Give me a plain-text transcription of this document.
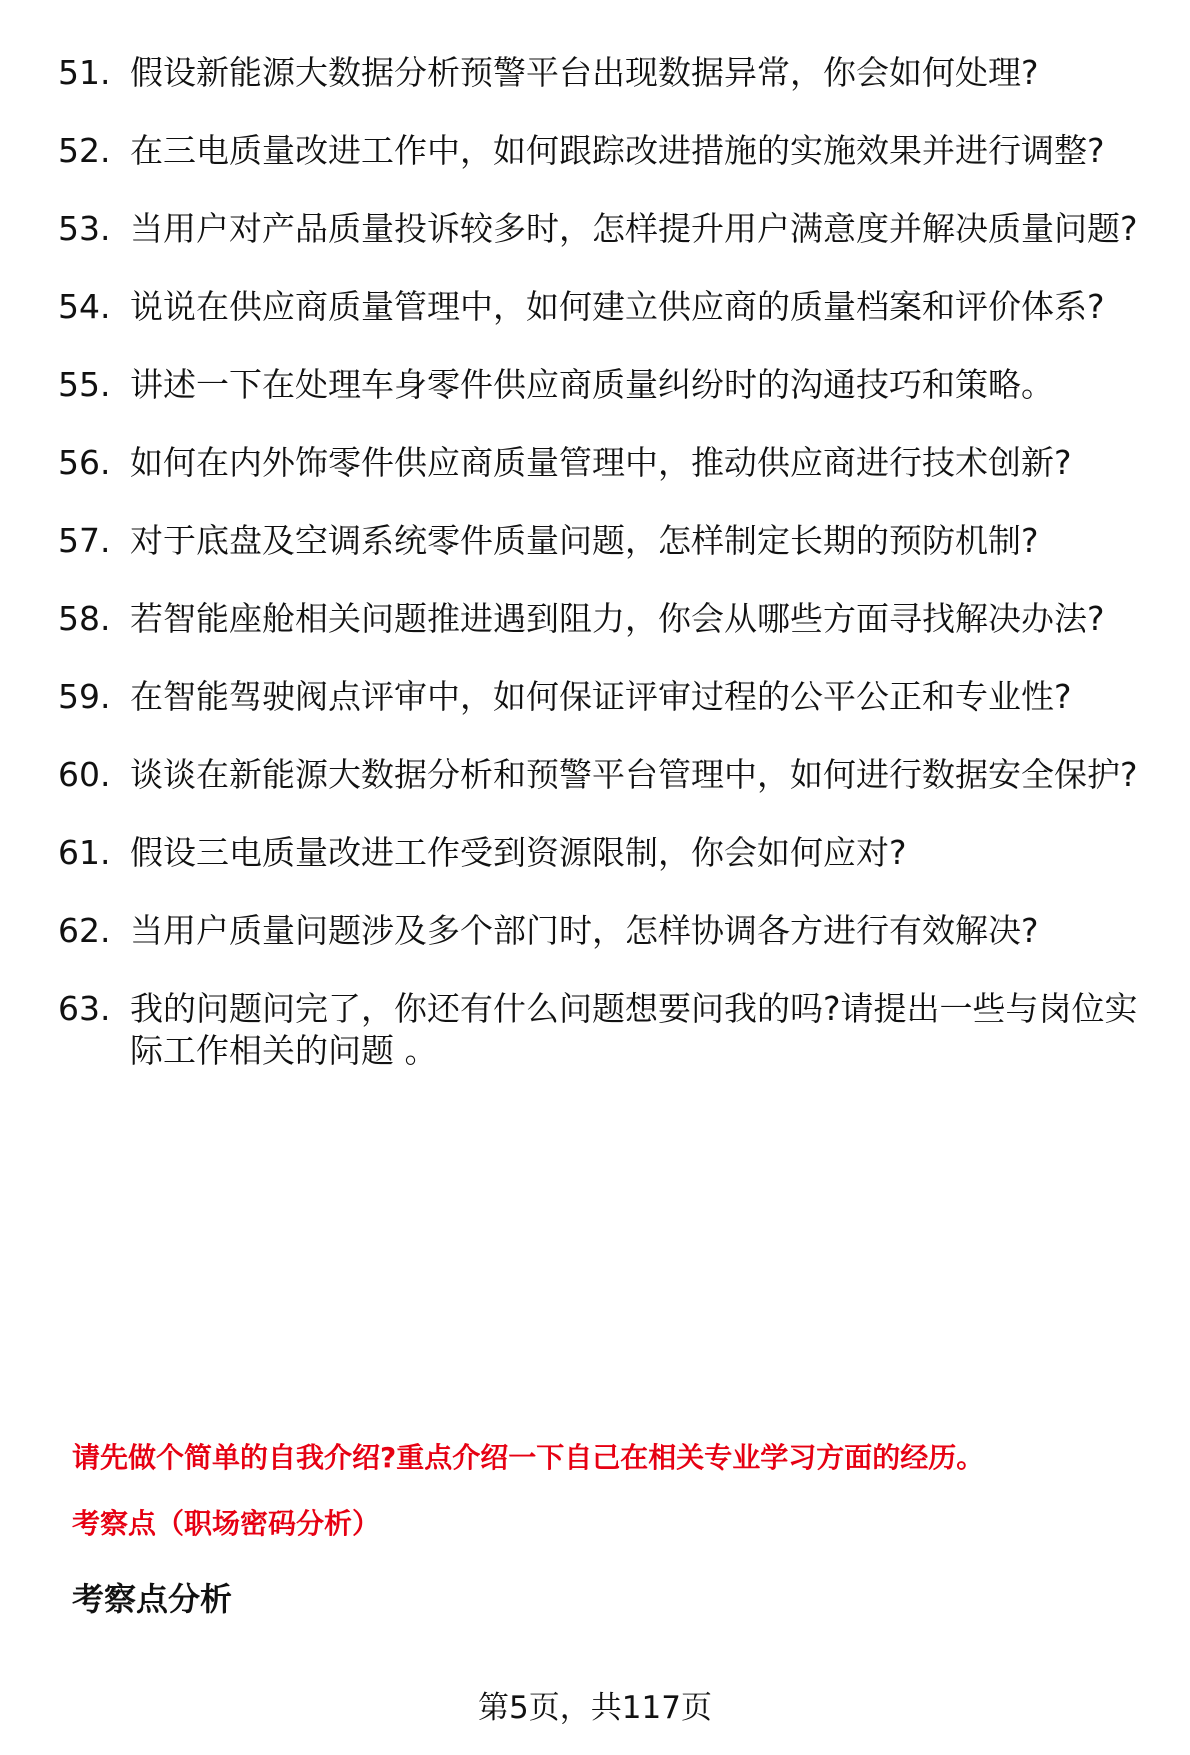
51. 假设新能源大数据分析预警平台出现数据异常，你会如何处理?
52. 在三电质量改进工作中，如何跟踪改进措施的实施效果并进行调整?
53. 当用户对产品质量投诉较多时，怎样提升用户满意度并解决质量问题?
54. 说说在供应商质量管理中，如何建立供应商的质量档案和评价体系?
55. 讲述一下在处理车身零件供应商质量纠纷时的沟通技巧和策略。
56. 如何在内外饰零件供应商质量管理中，推动供应商进行技术创新?
57. 对于底盘及空调系统零件质量问题，怎样制定长期的预防机制?
58. 若智能座舱相关问题推进遇到阻力，你会从哪些方面寻找解决办法?
59. 在智能驾驶阀点评审中，如何保证评审过程的公平公正和专业性?
60. 谈谈在新能源大数据分析和预警平台管理中，如何进行数据安全保护?
61. 假设三电质量改进工作受到资源限制，你会如何应对?
62. 当用户质量问题涉及多个部门时，怎样协调各方进行有效解决?
63. 我的问题问完了，你还有什么问题想要问我的吗?请提出一些与岗位实际工作相关的问题 。
请先做个简单的自我介绍?重点介绍一下自己在相关专业学习方面的经历。
考察点（职场密码分析）
考察点分析
第5页，共117页
